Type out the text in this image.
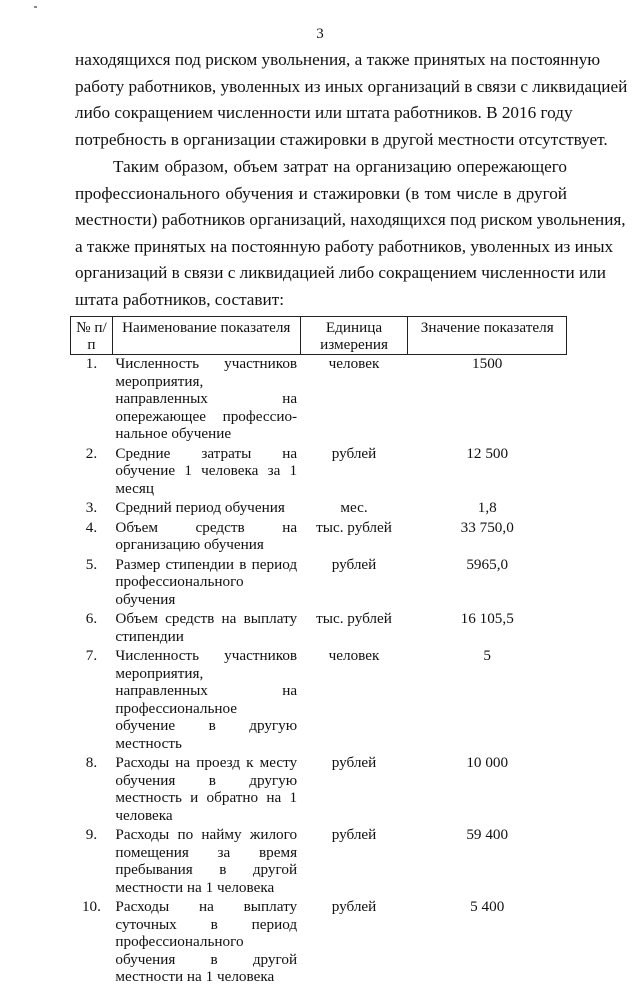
3
находящихся под риском увольнения, а также принятых на постоянную
работу работников, уволенных из иных организаций в связи с ликвидацией
либо сокращением численности или штата работников. В 2016 году
потребность в организации стажировки в другой местности отсутствует.
Таким образом, объем затрат на организацию опережающего
профессионального обучения и стажировки (в том числе в другой
местности) работников организаций, находящихся под риском увольнения,
а также принятых на постоянную работу работников, уволенных из иных
организаций в связи с ликвидацией либо сокращением численности или
штата работников, составит:
№ п/п	Наименование показателя	Единица измерения	Значение показателя
1.	Численность участников мероприятия, направленных на опережающее профессио-нальное обучение	человек	1500
2.	Средние затраты на обучение 1 человека за 1 месяц	рублей	12 500
3.	Средний период обучения	мес.	1,8
4.	Объем средств на организацию обучения	тыс. рублей	33 750,0
5.	Размер стипендии в период профессионального обучения	рублей	5965,0
6.	Объем средств на выплату стипендии	тыс. рублей	16 105,5
7.	Численность участников мероприятия, направленных на профессиональное обучение в другую местность	человек	5
8.	Расходы на проезд к месту обучения в другую местность и обратно на 1 человека	рублей	10 000
9.	Расходы по найму жилого помещения за время пребывания в другой местности на 1 человека	рублей	59 400
10.	Расходы на выплату суточных в период профессионального обучения в другой местности на 1 человека	рублей	5 400
